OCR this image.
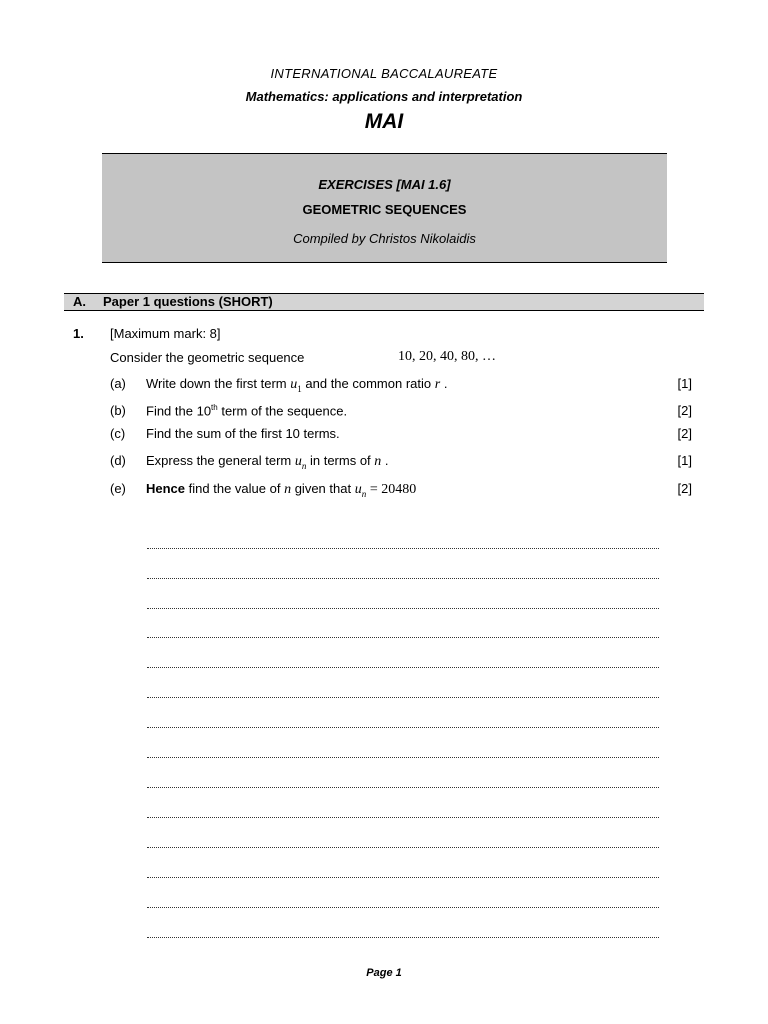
INTERNATIONAL BACCALAUREATE
Mathematics: applications and interpretation
MAI
EXERCISES [MAI 1.6]
GEOMETRIC SEQUENCES
Compiled by Christos Nikolaidis
A. Paper 1 questions (SHORT)
1. [Maximum mark: 8]
Consider the geometric sequence	10, 20, 40, 80, …
(a) Write down the first term $u_1$ and the common ratio r .	[1]
(b) Find the 10th term of the sequence.	[2]
(c) Find the sum of the first 10 terms.	[2]
(d) Express the general term $u_n$ in terms of n .	[1]
(e) Hence find the value of n given that $u_n = 20480$	[2]
Page 1
